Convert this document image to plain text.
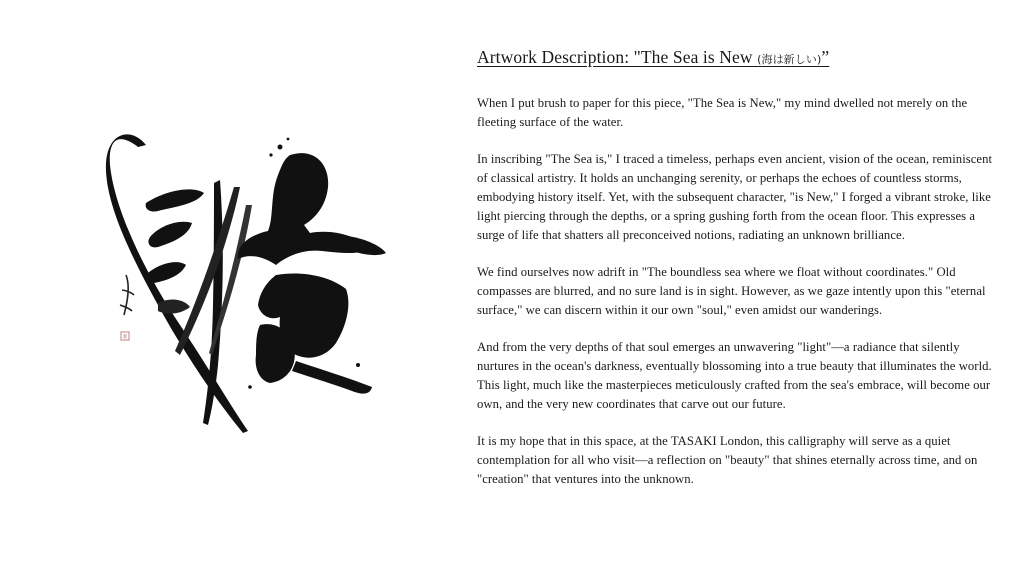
Artwork Description: "The Sea is New (海は新しい)”

When I put brush to paper for this piece, "The Sea is New," my mind dwelled not merely on the fleeting surface of the water.

In inscribing "The Sea is," I traced a timeless, perhaps even ancient, vision of the ocean, reminiscent of classical artistry. It holds an unchanging serenity, or perhaps the echoes of countless storms, embodying history itself. Yet, with the subsequent character, "is New," I forged a vibrant stroke, like light piercing through the depths, or a spring gushing forth from the ocean floor. This expresses a surge of life that shatters all preconceived notions, radiating an unknown brilliance.

We find ourselves now adrift in "The boundless sea where we float without coordinates." Old compasses are blurred, and no sure land is in sight. However, as we gaze intently upon this "eternal surface," we can discern within it our own "soul," even amidst our wanderings.

And from the very depths of that soul emerges an unwavering "light"—a radiance that silently nurtures in the ocean's darkness, eventually blossoming into a true beauty that illuminates the world. This light, much like the masterpieces meticulously crafted from the sea's embrace, will become our own, and the very new coordinates that carve out our future.

It is my hope that in this space, at the TASAKI London, this calligraphy will serve as a quiet contemplation for all who visit—a reflection on "beauty" that shines eternally across time, and on "creation" that ventures into the unknown.
